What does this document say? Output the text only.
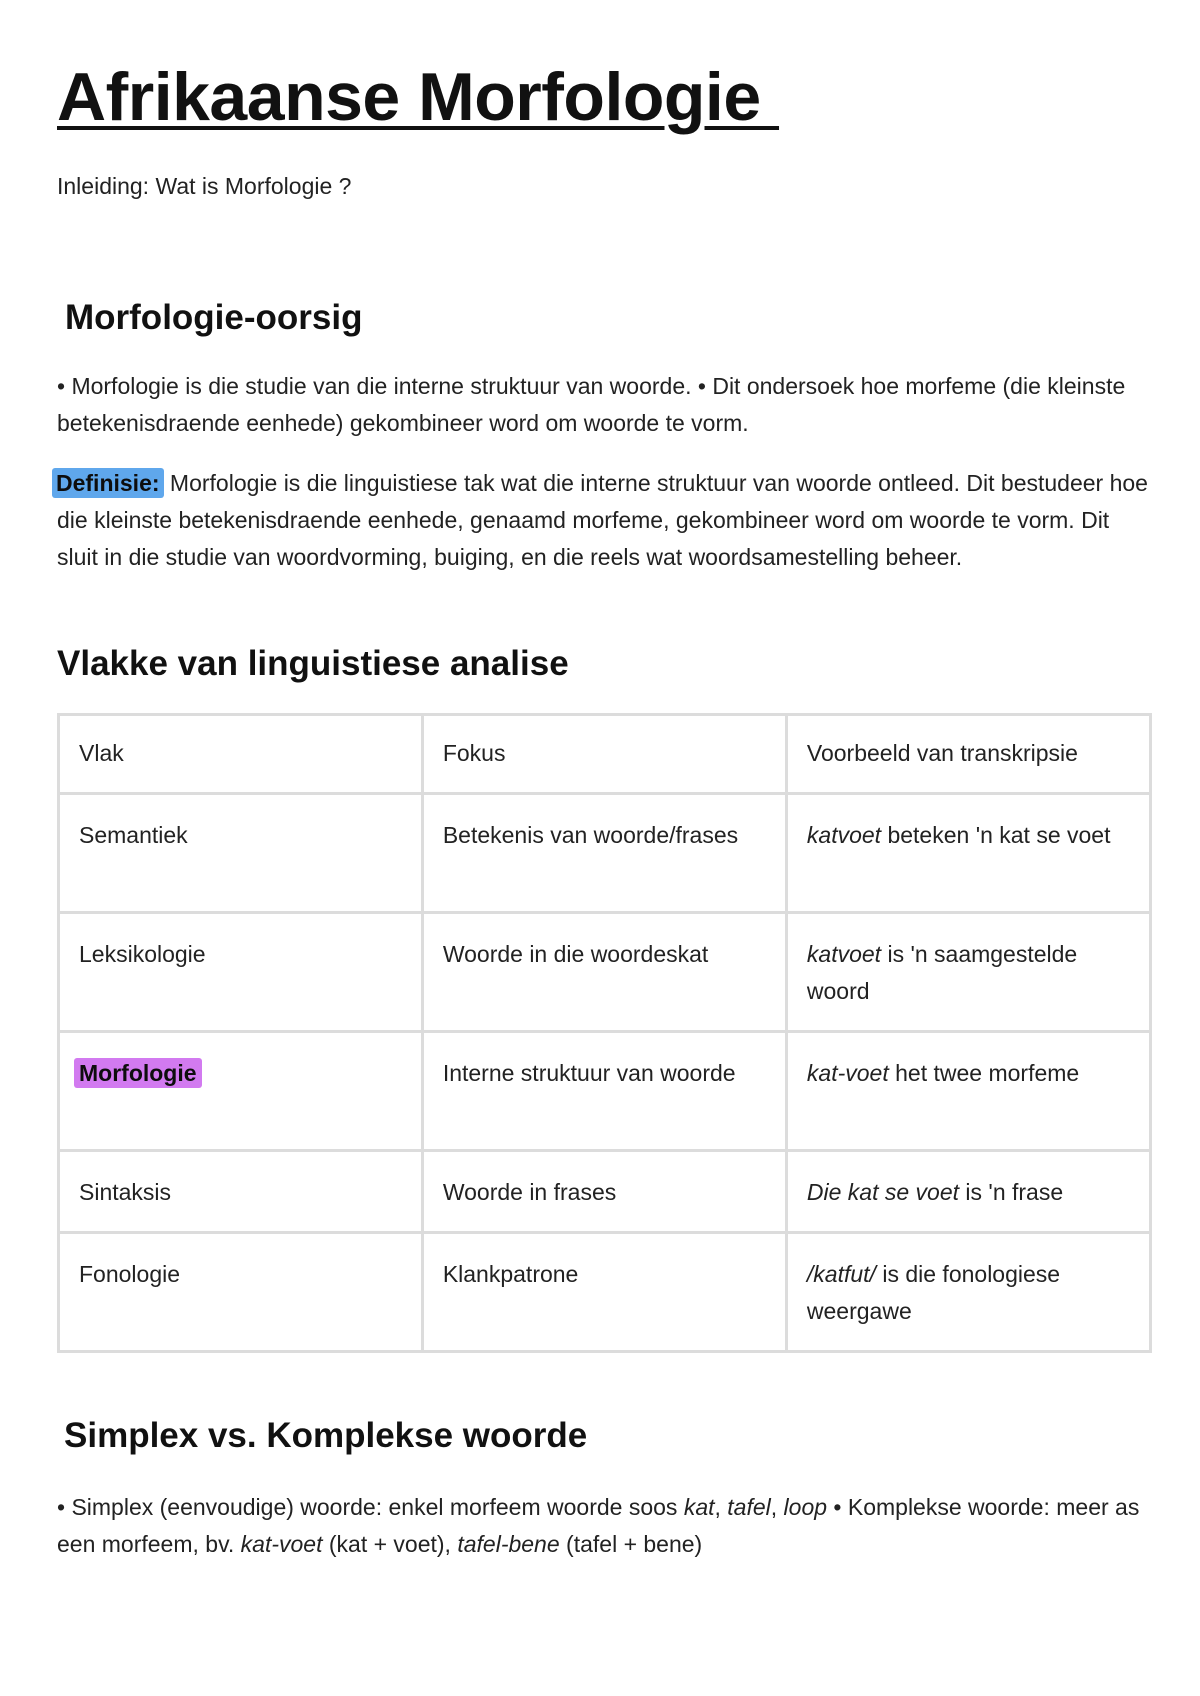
Afrikaanse Morfologie
Inleiding: Wat is Morfologie ?
Morfologie-oorsig
• Morfologie is die studie van die interne struktuur van woorde. • Dit ondersoek hoe morfeme (die kleinste betekenisdraende eenhede) gekombineer word om woorde te vorm.
Definisie: Morfologie is die linguistiese tak wat die interne struktuur van woorde ontleed. Dit bestudeer hoe die kleinste betekenisdraende eenhede, genaamd morfeme, gekombineer word om woorde te vorm. Dit sluit in die studie van woordvorming, buiging, en die reels wat woordsamestelling beheer.
Vlakke van linguistiese analise
Vlak	Fokus	Voorbeeld van transkripsie
Semantiek	Betekenis van woorde/frases	katvoet beteken 'n kat se voet
Leksikologie	Woorde in die woordeskat	katvoet is 'n saamgestelde woord
Morfologie	Interne struktuur van woorde	kat-voet het twee morfeme
Sintaksis	Woorde in frases	Die kat se voet is 'n frase
Fonologie	Klankpatrone	/katfut/ is die fonologiese weergawe
Simplex vs. Komplekse woorde
• Simplex (eenvoudige) woorde: enkel morfeem woorde soos kat, tafel, loop • Komplekse woorde: meer as een morfeem, bv. kat-voet (kat + voet), tafel-bene (tafel + bene)
